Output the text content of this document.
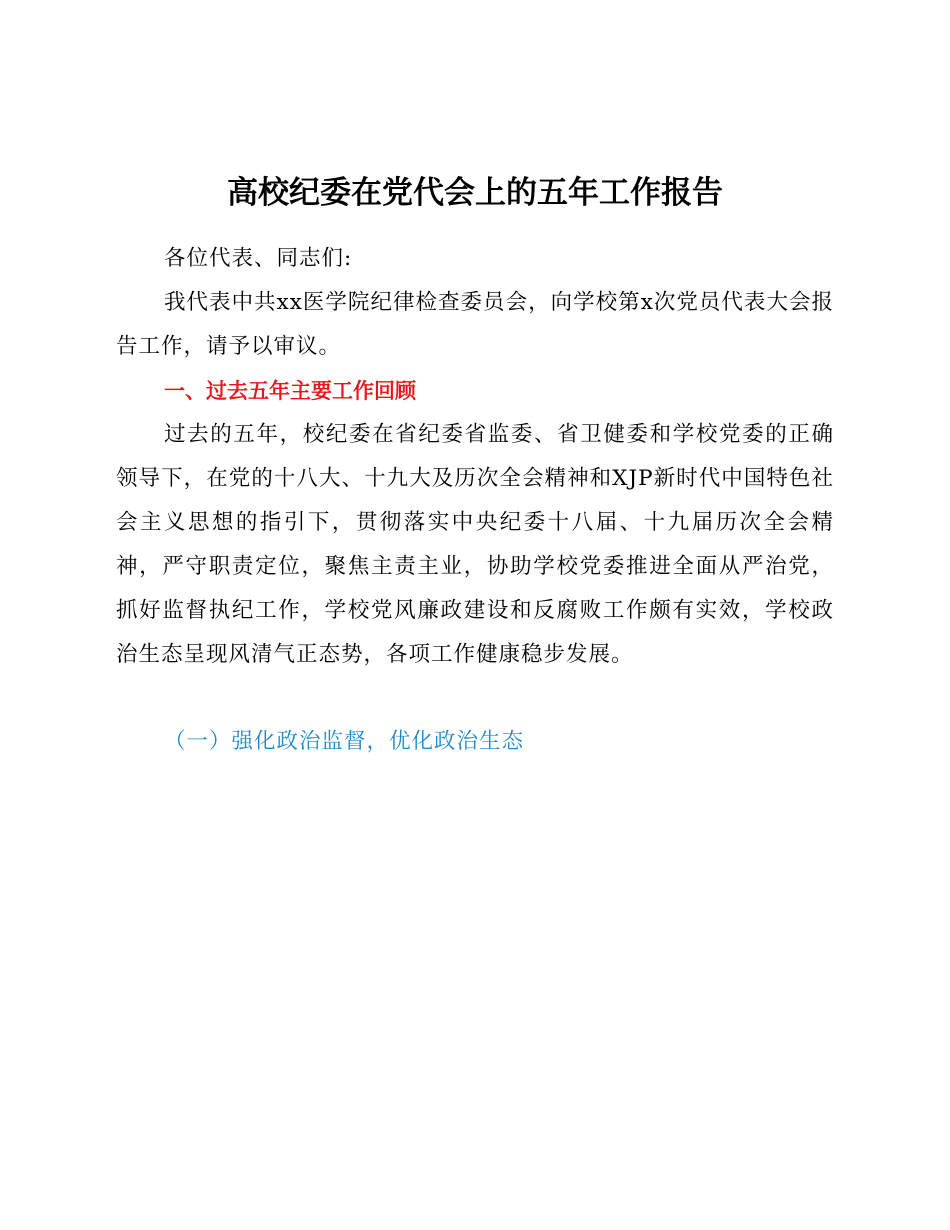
高校纪委在党代会上的五年工作报告
各位代表、同志们:
我代表中共xx医学院纪律检查委员会，向学校第x次党员代表大会报告工作，请予以审议。
一、过去五年主要工作回顾
过去的五年，校纪委在省纪委省监委、省卫健委和学校党委的正确领导下，在党的十八大、十九大及历次全会精神和XJP新时代中国特色社会主义思想的指引下，贯彻落实中央纪委十八届、十九届历次全会精神，严守职责定位，聚焦主责主业，协助学校党委推进全面从严治党，抓好监督执纪工作，学校党风廉政建设和反腐败工作颇有实效，学校政治生态呈现风清气正态势，各项工作健康稳步发展。
（一）强化政治监督，优化政治生态
